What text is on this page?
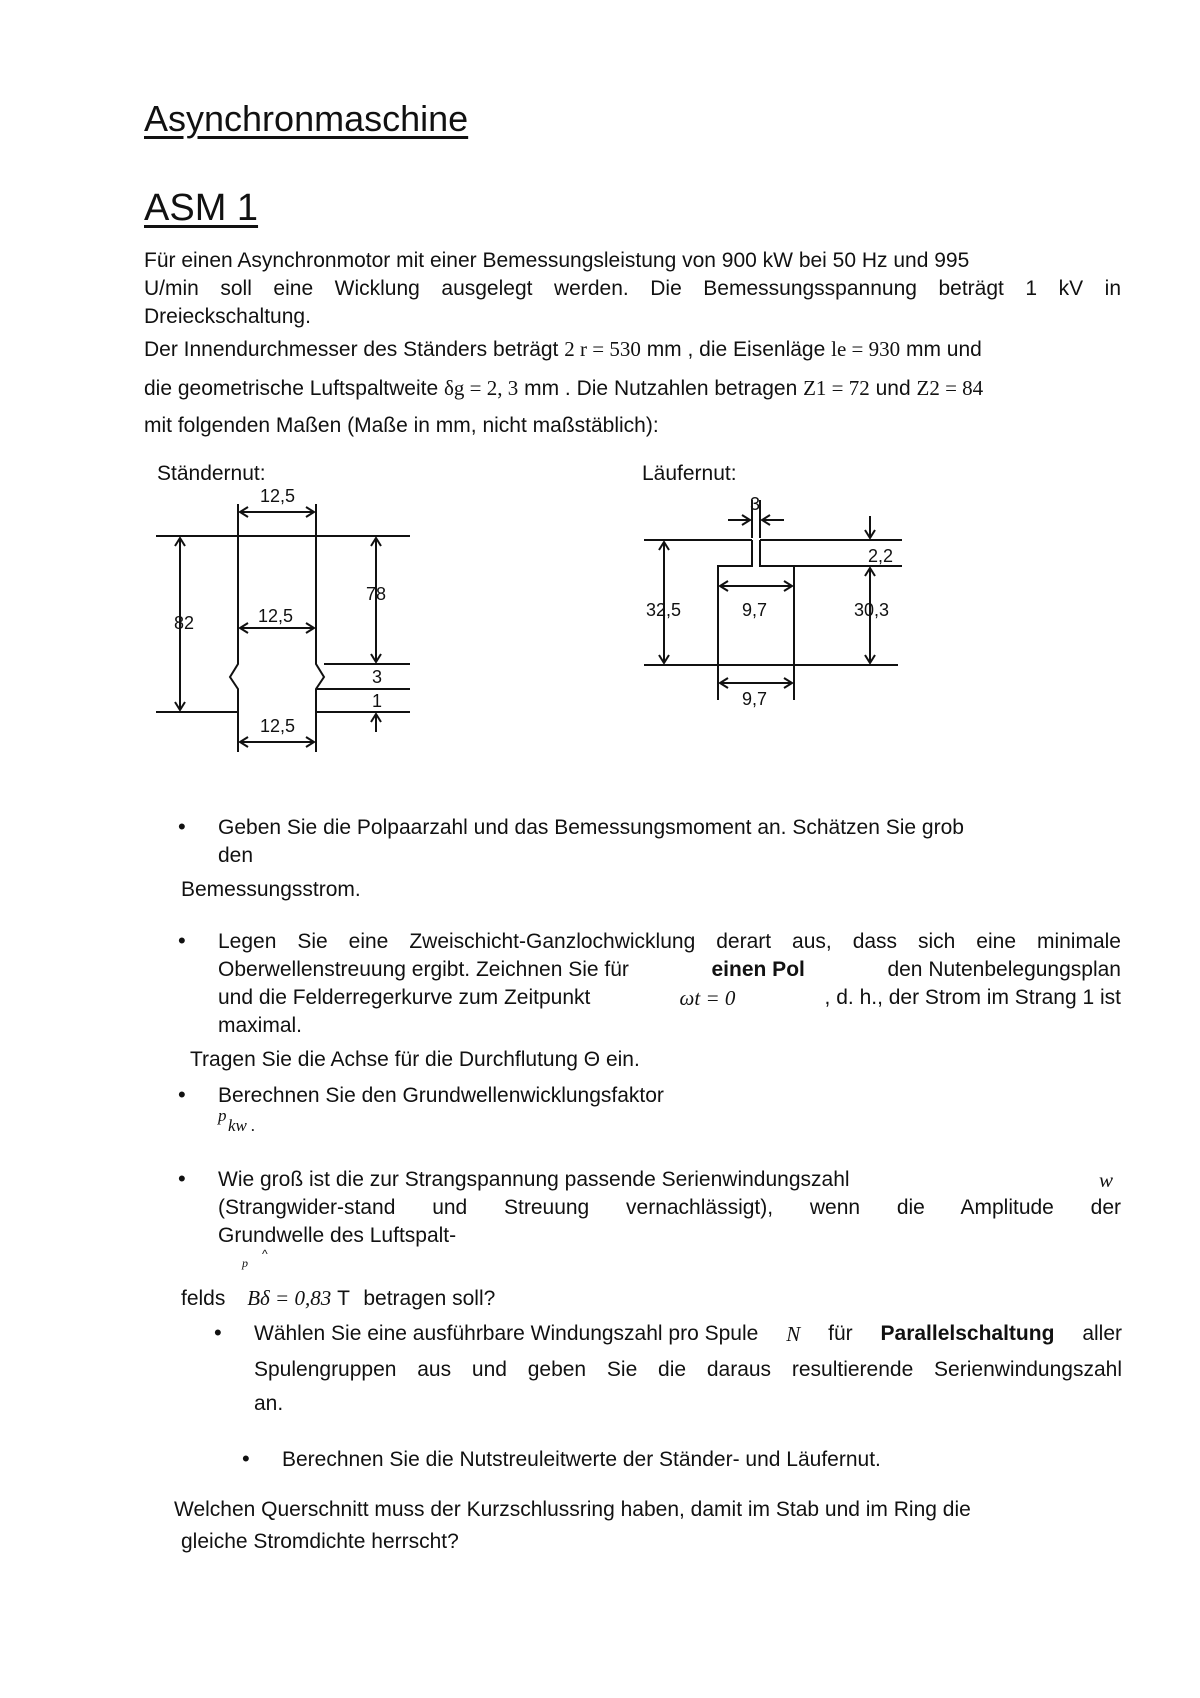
Asynchronmaschine
ASM 1
Für einen Asynchronmotor mit einer Bemessungsleistung von 900 kW bei 50 Hz und 995
U/min soll eine Wicklung ausgelegt werden. Die Bemessungsspannung beträgt 1 kV in
Dreieckschaltung.
Der Innendurchmesser des Ständers beträgt 2 r = 530 mm , die Eisenläge le = 930 mm und
die geometrische Luftspaltweite δg = 2, 3 mm . Die Nutzahlen betragen Z1 = 72 und Z2 = 84
mit folgenden Maßen (Maße in mm, nicht maßstäblich):
Ständernut:	Läufernut:
12,5
12,5
12,5
82
78
3
1
3
2,2
32,5	9,7	30,3
9,7
• Geben Sie die Polpaarzahl und das Bemessungsmoment an. Schätzen Sie grob
den
Bemessungsstrom.
• Legen Sie eine Zweischicht-Ganzlochwicklung derart aus, dass sich eine minimale
Oberwellenstreuung ergibt. Zeichnen Sie für	einen Pol	den Nutenbelegungsplan
und die Felderregerkurve zum Zeitpunkt	ωt = 0	, d. h., der Strom im Strang 1 ist
maximal.
Tragen Sie die Achse für die Durchflutung Θ ein.
• Berechnen Sie den Grundwellenwicklungsfaktor
p
kw .
• Wie groß ist die zur Strangspannung passende Serienwindungszahl	w
(Strangwider-stand und Streuung vernachlässigt), wenn die Amplitude der
Grundwelle des Luftspalt-
p
^
felds Bδ = 0,83 T betragen soll?
• Wählen Sie eine ausführbare Windungszahl pro Spule N für Parallelschaltung aller
Spulengruppen aus und geben Sie die daraus resultierende Serienwindungszahl
an.
• Berechnen Sie die Nutstreuleitwerte der Ständer- und Läufernut.
Welchen Querschnitt muss der Kurzschlussring haben, damit im Stab und im Ring die
gleiche Stromdichte herrscht?
